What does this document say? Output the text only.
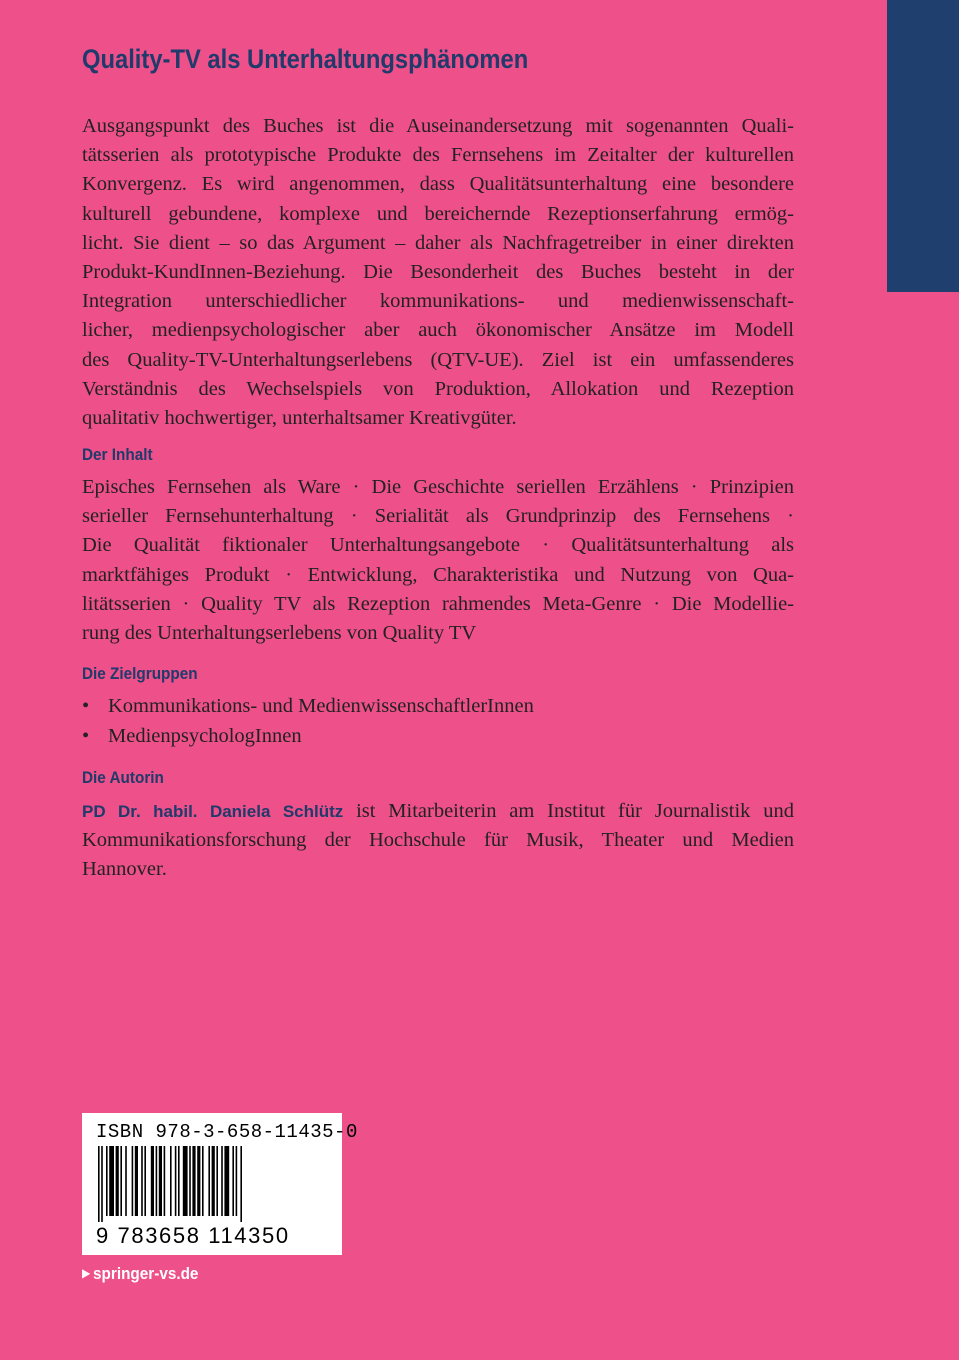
Quality-TV als Unterhaltungsphänomen
Ausgangspunkt des Buches ist die Auseinandersetzung mit sogenannten Quali-
tätsserien als prototypische Produkte des Fernsehens im Zeitalter der kulturellen
Konvergenz. Es wird angenommen, dass Qualitätsunterhaltung eine besondere
kulturell gebundene, komplexe und bereichernde Rezeptionserfahrung ermög-
licht. Sie dient – so das Argument – daher als Nachfragetreiber in einer direkten
Produkt-KundInnen-Beziehung. Die Besonderheit des Buches besteht in der
Integration unterschiedlicher kommunikations- und medienwissenschaft-
licher, medienpsychologischer aber auch ökonomischer Ansätze im Modell
des Quality-TV-Unterhaltungserlebens (QTV-UE). Ziel ist ein umfassenderes
Verständnis des Wechselspiels von Produktion, Allokation und Rezeption
qualitativ hochwertiger, unterhaltsamer Kreativgüter.
Der Inhalt
Episches Fernsehen als Ware · Die Geschichte seriellen Erzählens · Prinzipien
serieller Fernsehunterhaltung · Serialität als Grundprinzip des Fernsehens ·
Die Qualität fiktionaler Unterhaltungsangebote · Qualitätsunterhaltung als
marktfähiges Produkt · Entwicklung, Charakteristika und Nutzung von Qua-
litätsserien · Quality TV als Rezeption rahmendes Meta-Genre · Die Modellie-
rung des Unterhaltungserlebens von Quality TV
Die Zielgruppen
• Kommunikations- und MedienwissenschaftlerInnen
• MedienpsychologInnen
Die Autorin
PD Dr. habil. Daniela Schlütz ist Mitarbeiterin am Institut für Journalistik und
Kommunikationsforschung der Hochschule für Musik, Theater und Medien
Hannover.
ISBN 978-3-658-11435-0
9 783658 114350
▶ springer-vs.de
